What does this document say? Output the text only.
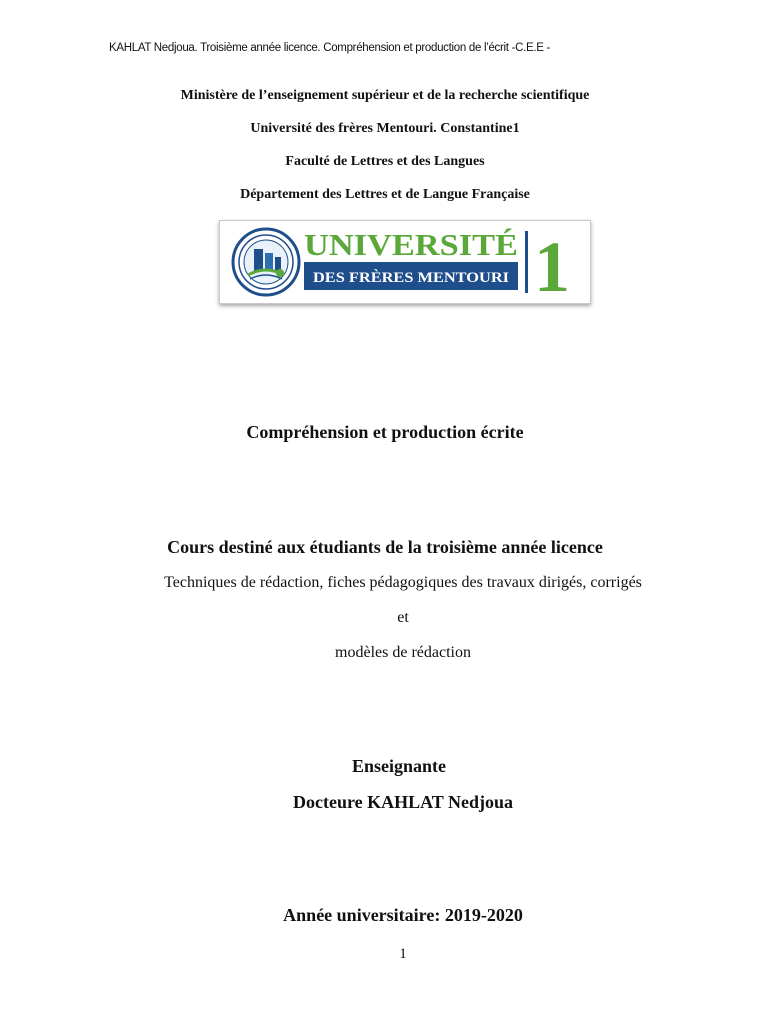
KAHLAT Nedjoua. Troisième année licence. Compréhension et production de l’écrit -C.E.E -
Ministère de l’enseignement supérieur et de la recherche scientifique
Université des frères Mentouri. Constantine1
Faculté de Lettres et des Langues
Département des Lettres et de Langue Française
UNIVERSITÉ
DES FRÈRES MENTOURI 1
Compréhension et production écrite
Cours destiné aux étudiants de la troisième année licence
Techniques de rédaction, fiches pédagogiques des travaux dirigés, corrigés
et
modèles de rédaction
Enseignante
Docteure KAHLAT Nedjoua
Année universitaire: 2019-2020
1
